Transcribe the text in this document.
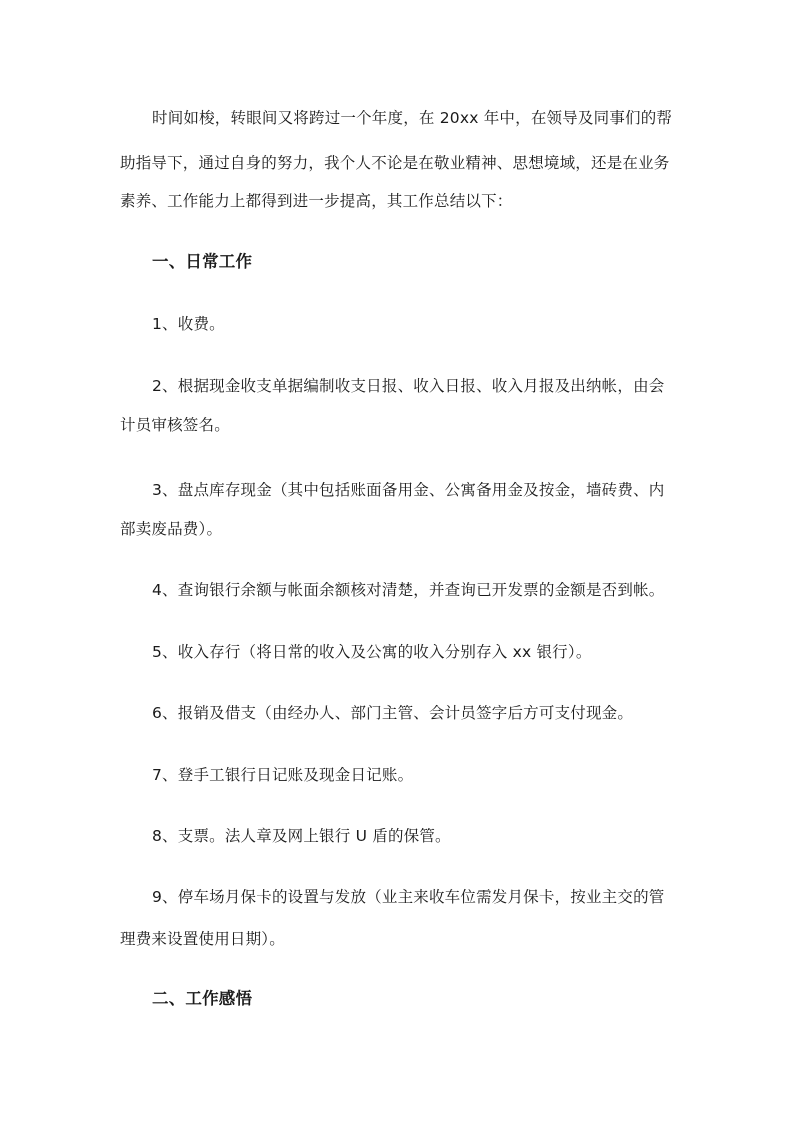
时间如梭，转眼间又将跨过一个年度，在 20xx 年中，在领导及同事们的帮
助指导下，通过自身的努力，我个人不论是在敬业精神、思想境域，还是在业务
素养、工作能力上都得到进一步提高，其工作总结以下：
一、日常工作
1、收费。
2、根据现金收支单据编制收支日报、收入日报、收入月报及出纳帐，由会
计员审核签名。
3、盘点库存现金（其中包括账面备用金、公寓备用金及按金，墙砖费、内
部卖废品费）。
4、查询银行余额与帐面余额核对清楚，并查询已开发票的金额是否到帐。
5、收入存行（将日常的收入及公寓的收入分别存入 xx 银行）。
6、报销及借支（由经办人、部门主管、会计员签字后方可支付现金。
7、登手工银行日记账及现金日记账。
8、支票。法人章及网上银行 U 盾的保管。
9、停车场月保卡的设置与发放（业主来收车位需发月保卡，按业主交的管
理费来设置使用日期）。
二、工作感悟
